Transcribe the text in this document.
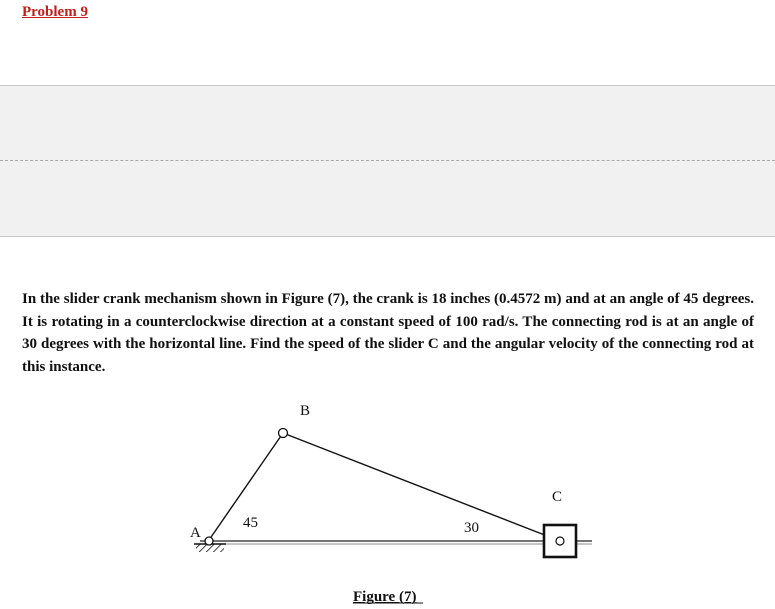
Problem 9

In the slider crank mechanism shown in Figure (7), the crank is 18 inches (0.4572 m) and at an angle of 45 degrees. It is rotating in a counterclockwise direction at a constant speed of 100 rad/s. The connecting rod is at an angle of 30 degrees with the horizontal line. Find the speed of the slider C and the angular velocity of the connecting rod at this instance.

B
C
A
45	30
Figure (7)
